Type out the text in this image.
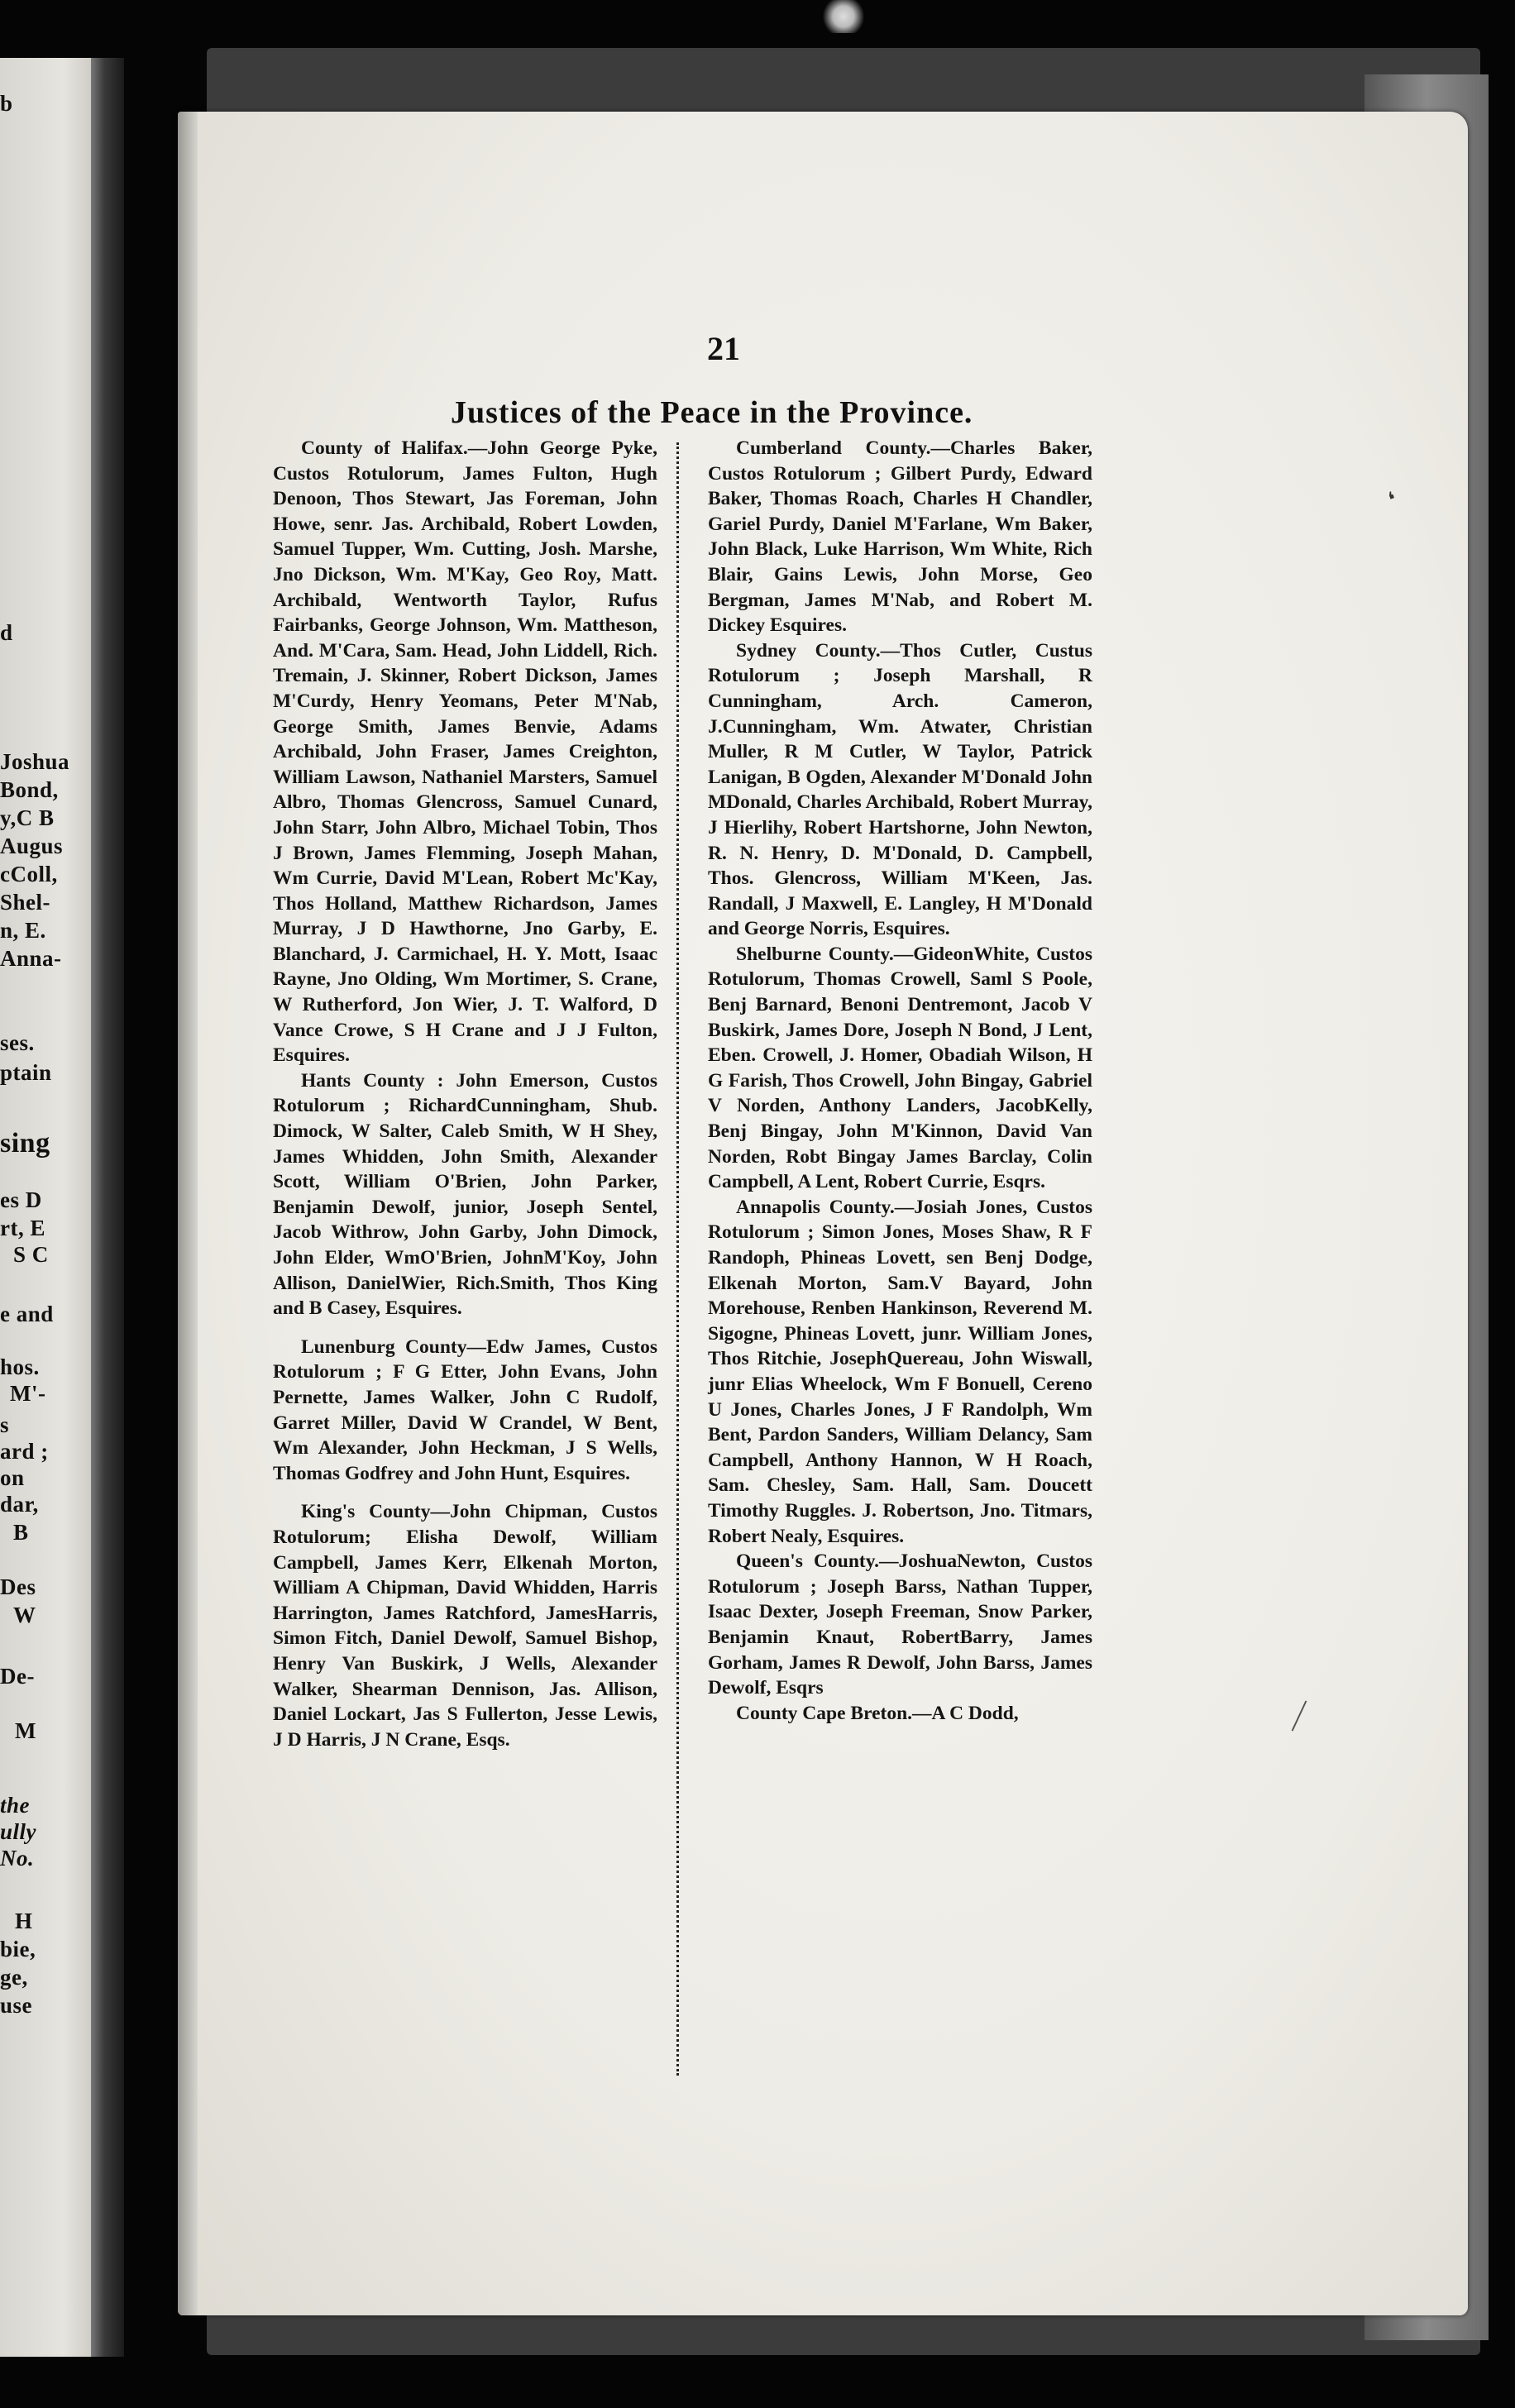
b
d
Joshua
Bond,
y,C B
Augus
cColl,
Shel-
n, E.
Anna-
ses.
ptain
sing
es D
rt, E
S C
e and
hos.
M'-
s
ard ;
on
dar,
B
Des
W
De-
M
the
ully
No.
H
bie,
ge,
use
21
Justices of the Peace in the Province.

County of Halifax.—John George Pyke, Custos Rotulorum, James Fulton, Hugh Denoon, Thos Stewart, Jas Foreman, John Howe, senr. Jas. Archibald, Robert Lowden, Samuel Tupper, Wm. Cutting, Josh. Marshe, Jno Dickson, Wm. M'Kay, Geo Roy, Matt. Archibald, Wentworth Taylor, Rufus Fairbanks, George Johnson, Wm. Mattheson, And. M'Cara, Sam. Head, John Liddell, Rich. Tremain, J. Skinner, Robert Dickson, James M'Curdy, Henry Yeomans, Peter M'Nab, George Smith, James Benvie, Adams Archibald, John Fraser, James Creighton, William Lawson, Nathaniel Marsters, Samuel Albro, Thomas Glencross, Samuel Cunard, John Starr, John Albro, Michael Tobin, Thos J Brown, James Flemming, Joseph Mahan, Wm Currie, David M'Lean, Robert Mc'Kay, Thos Holland, Matthew Richardson, James Murray, J D Hawthorne, Jno Garby, E. Blanchard, J. Carmichael, H. Y. Mott, Isaac Rayne, Jno Olding, Wm Mortimer, S. Crane, W Rutherford, Jon Wier, J. T. Walford, D Vance Crowe, S H Crane and J J Fulton, Esquires.

Hants County : John Emerson, Custos Rotulorum ; RichardCunningham, Shub. Dimock, W Salter, Caleb Smith, W H Shey, James Whidden, John Smith, Alexander Scott, William O'Brien, John Parker, Benjamin Dewolf, junior, Joseph Sentel, Jacob Withrow, John Garby, John Dimock, John Elder, WmO'Brien, JohnM'Koy, John Allison, DanielWier, Rich.Smith, Thos King and B Casey, Esquires.

Lunenburg County—Edw James, Custos Rotulorum ; F G Etter, John Evans, John Pernette, James Walker, John C Rudolf, Garret Miller, David W Crandel, W Bent, Wm Alexander, John Heckman, J S Wells, Thomas Godfrey and John Hunt, Esquires.

King's County—John Chipman, Custos Rotulorum; Elisha Dewolf, William Campbell, James Kerr, Elkenah Morton, William A Chipman, David Whidden, Harris Harrington, James Ratchford, JamesHarris, Simon Fitch, Daniel Dewolf, Samuel Bishop, Henry Van Buskirk, J Wells, Alexander Walker, Shearman Dennison, Jas. Allison, Daniel Lockart, Jas S Fullerton, Jesse Lewis, J D Harris, J N Crane, Esqs.

Cumberland County.—Charles Baker, Custos Rotulorum ; Gilbert Purdy, Edward Baker, Thomas Roach, Charles H Chandler, Gariel Purdy, Daniel M'Farlane, Wm Baker, John Black, Luke Harrison, Wm White, Rich Blair, Gains Lewis, John Morse, Geo Bergman, James M'Nab, and Robert M. Dickey Esquires.

Sydney County.—Thos Cutler, Custus Rotulorum ; Joseph Marshall, R Cunningham, Arch. Cameron, J.Cunningham, Wm. Atwater, Christian Muller, R M Cutler, W Taylor, Patrick Lanigan, B Ogden, Alexander M'Donald John MDonald, Charles Archibald, Robert Murray, J Hierlihy, Robert Hartshorne, John Newton, R. N. Henry, D. M'Donald, D. Campbell, Thos. Glencross, William M'Keen, Jas. Randall, J Maxwell, E. Langley, H M'Donald and George Norris, Esquires.

Shelburne County.—GideonWhite, Custos Rotulorum, Thomas Crowell, Saml S Poole, Benj Barnard, Benoni Dentremont, Jacob V Buskirk, James Dore, Joseph N Bond, J Lent, Eben. Crowell, J. Homer, Obadiah Wilson, H G Farish, Thos Crowell, John Bingay, Gabriel V Norden, Anthony Landers, JacobKelly, Benj Bingay, John M'Kinnon, David Van Norden, Robt Bingay James Barclay, Colin Campbell, A Lent, Robert Currie, Esqrs.

Annapolis County.—Josiah Jones, Custos Rotulorum ; Simon Jones, Moses Shaw, R F Randoph, Phineas Lovett, sen Benj Dodge, Elkenah Morton, Sam.V Bayard, John Morehouse, Renben Hankinson, Reverend M. Sigogne, Phineas Lovett, junr. William Jones, Thos Ritchie, JosephQuereau, John Wiswall, junr Elias Wheelock, Wm F Bonuell, Cereno U Jones, Charles Jones, J F Randolph, Wm Bent, Pardon Sanders, William Delancy, Sam Campbell, Anthony Hannon, W H Roach, Sam. Chesley, Sam. Hall, Sam. Doucett Timothy Ruggles. J. Robertson, Jno. Titmars, Robert Nealy, Esquires.

Queen's County.—JoshuaNewton, Custos Rotulorum ; Joseph Barss, Nathan Tupper, Isaac Dexter, Joseph Freeman, Snow Parker, Benjamin Knaut, RobertBarry, James Gorham, James R Dewolf, John Barss, James Dewolf, Esqrs

County Cape Breton.—A C Dodd,

❛
